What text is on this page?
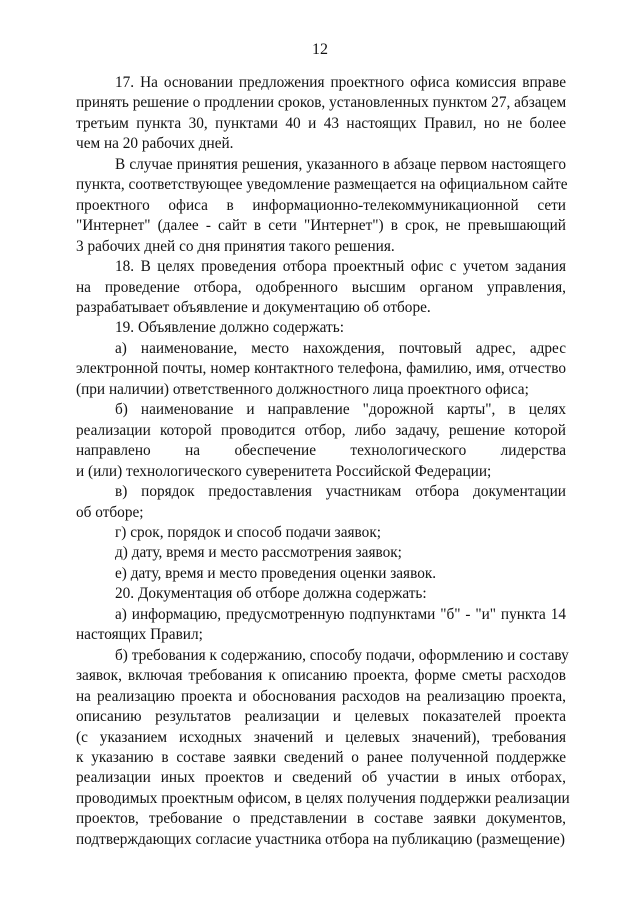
12

17. На основании предложения проектного офиса комиссия вправе
принять решение о продлении сроков, установленных пунктом 27, абзацем
третьим пункта 30, пунктами 40 и 43 настоящих Правил, но не более
чем на 20 рабочих дней.

В случае принятия решения, указанного в абзаце первом настоящего
пункта, соответствующее уведомление размещается на официальном сайте
проектного офиса в информационно-телекоммуникационной сети
"Интернет" (далее - сайт в сети "Интернет") в срок, не превышающий
3 рабочих дней со дня принятия такого решения.

18. В целях проведения отбора проектный офис с учетом задания
на проведение отбора, одобренного высшим органом управления,
разрабатывает объявление и документацию об отборе.

19. Объявление должно содержать:

а) наименование, место нахождения, почтовый адрес, адрес
электронной почты, номер контактного телефона, фамилию, имя, отчество
(при наличии) ответственного должностного лица проектного офиса;

б) наименование и направление "дорожной карты", в целях
реализации которой проводится отбор, либо задачу, решение которой
направлено на обеспечение технологического лидерства
и (или) технологического суверенитета Российской Федерации;

в) порядок предоставления участникам отбора документации
об отборе;

г) срок, порядок и способ подачи заявок;

д) дату, время и место рассмотрения заявок;

е) дату, время и место проведения оценки заявок.

20. Документация об отборе должна содержать:

а) информацию, предусмотренную подпунктами "б" - "и" пункта 14
настоящих Правил;

б) требования к содержанию, способу подачи, оформлению и составу
заявок, включая требования к описанию проекта, форме сметы расходов
на реализацию проекта и обоснования расходов на реализацию проекта,
описанию результатов реализации и целевых показателей проекта
(с указанием исходных значений и целевых значений), требования
к указанию в составе заявки сведений о ранее полученной поддержке
реализации иных проектов и сведений об участии в иных отборах,
проводимых проектным офисом, в целях получения поддержки реализации
проектов, требование о представлении в составе заявки документов,
подтверждающих согласие участника отбора на публикацию (размещение)
